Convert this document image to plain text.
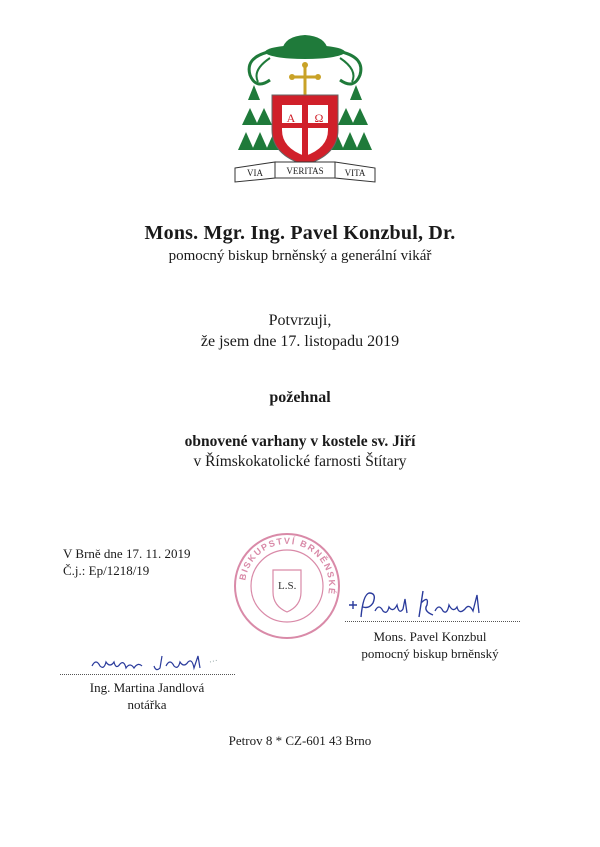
A Ω
VIA	VERITAS VITA
Mons. Mgr. Ing. Pavel Konzbul, Dr.
pomocný biskup brněnský a generální vikář
Potvrzuji,
že jsem dne 17. listopadu 2019
požehnal
obnovené varhany v kostele sv. Jiří
v Římskokatolické farnosti Štítary
V Brně dne 17. 11. 2019
Č.j.: Ep/1218/19	BISKUPSTVÍ BRNĚNSKÉ
L.S.
Mons. Pavel Konzbul
pomocný biskup brněnský
Ing. Martina Jandlová
notářka
Petrov 8 * CZ-601 43 Brno
